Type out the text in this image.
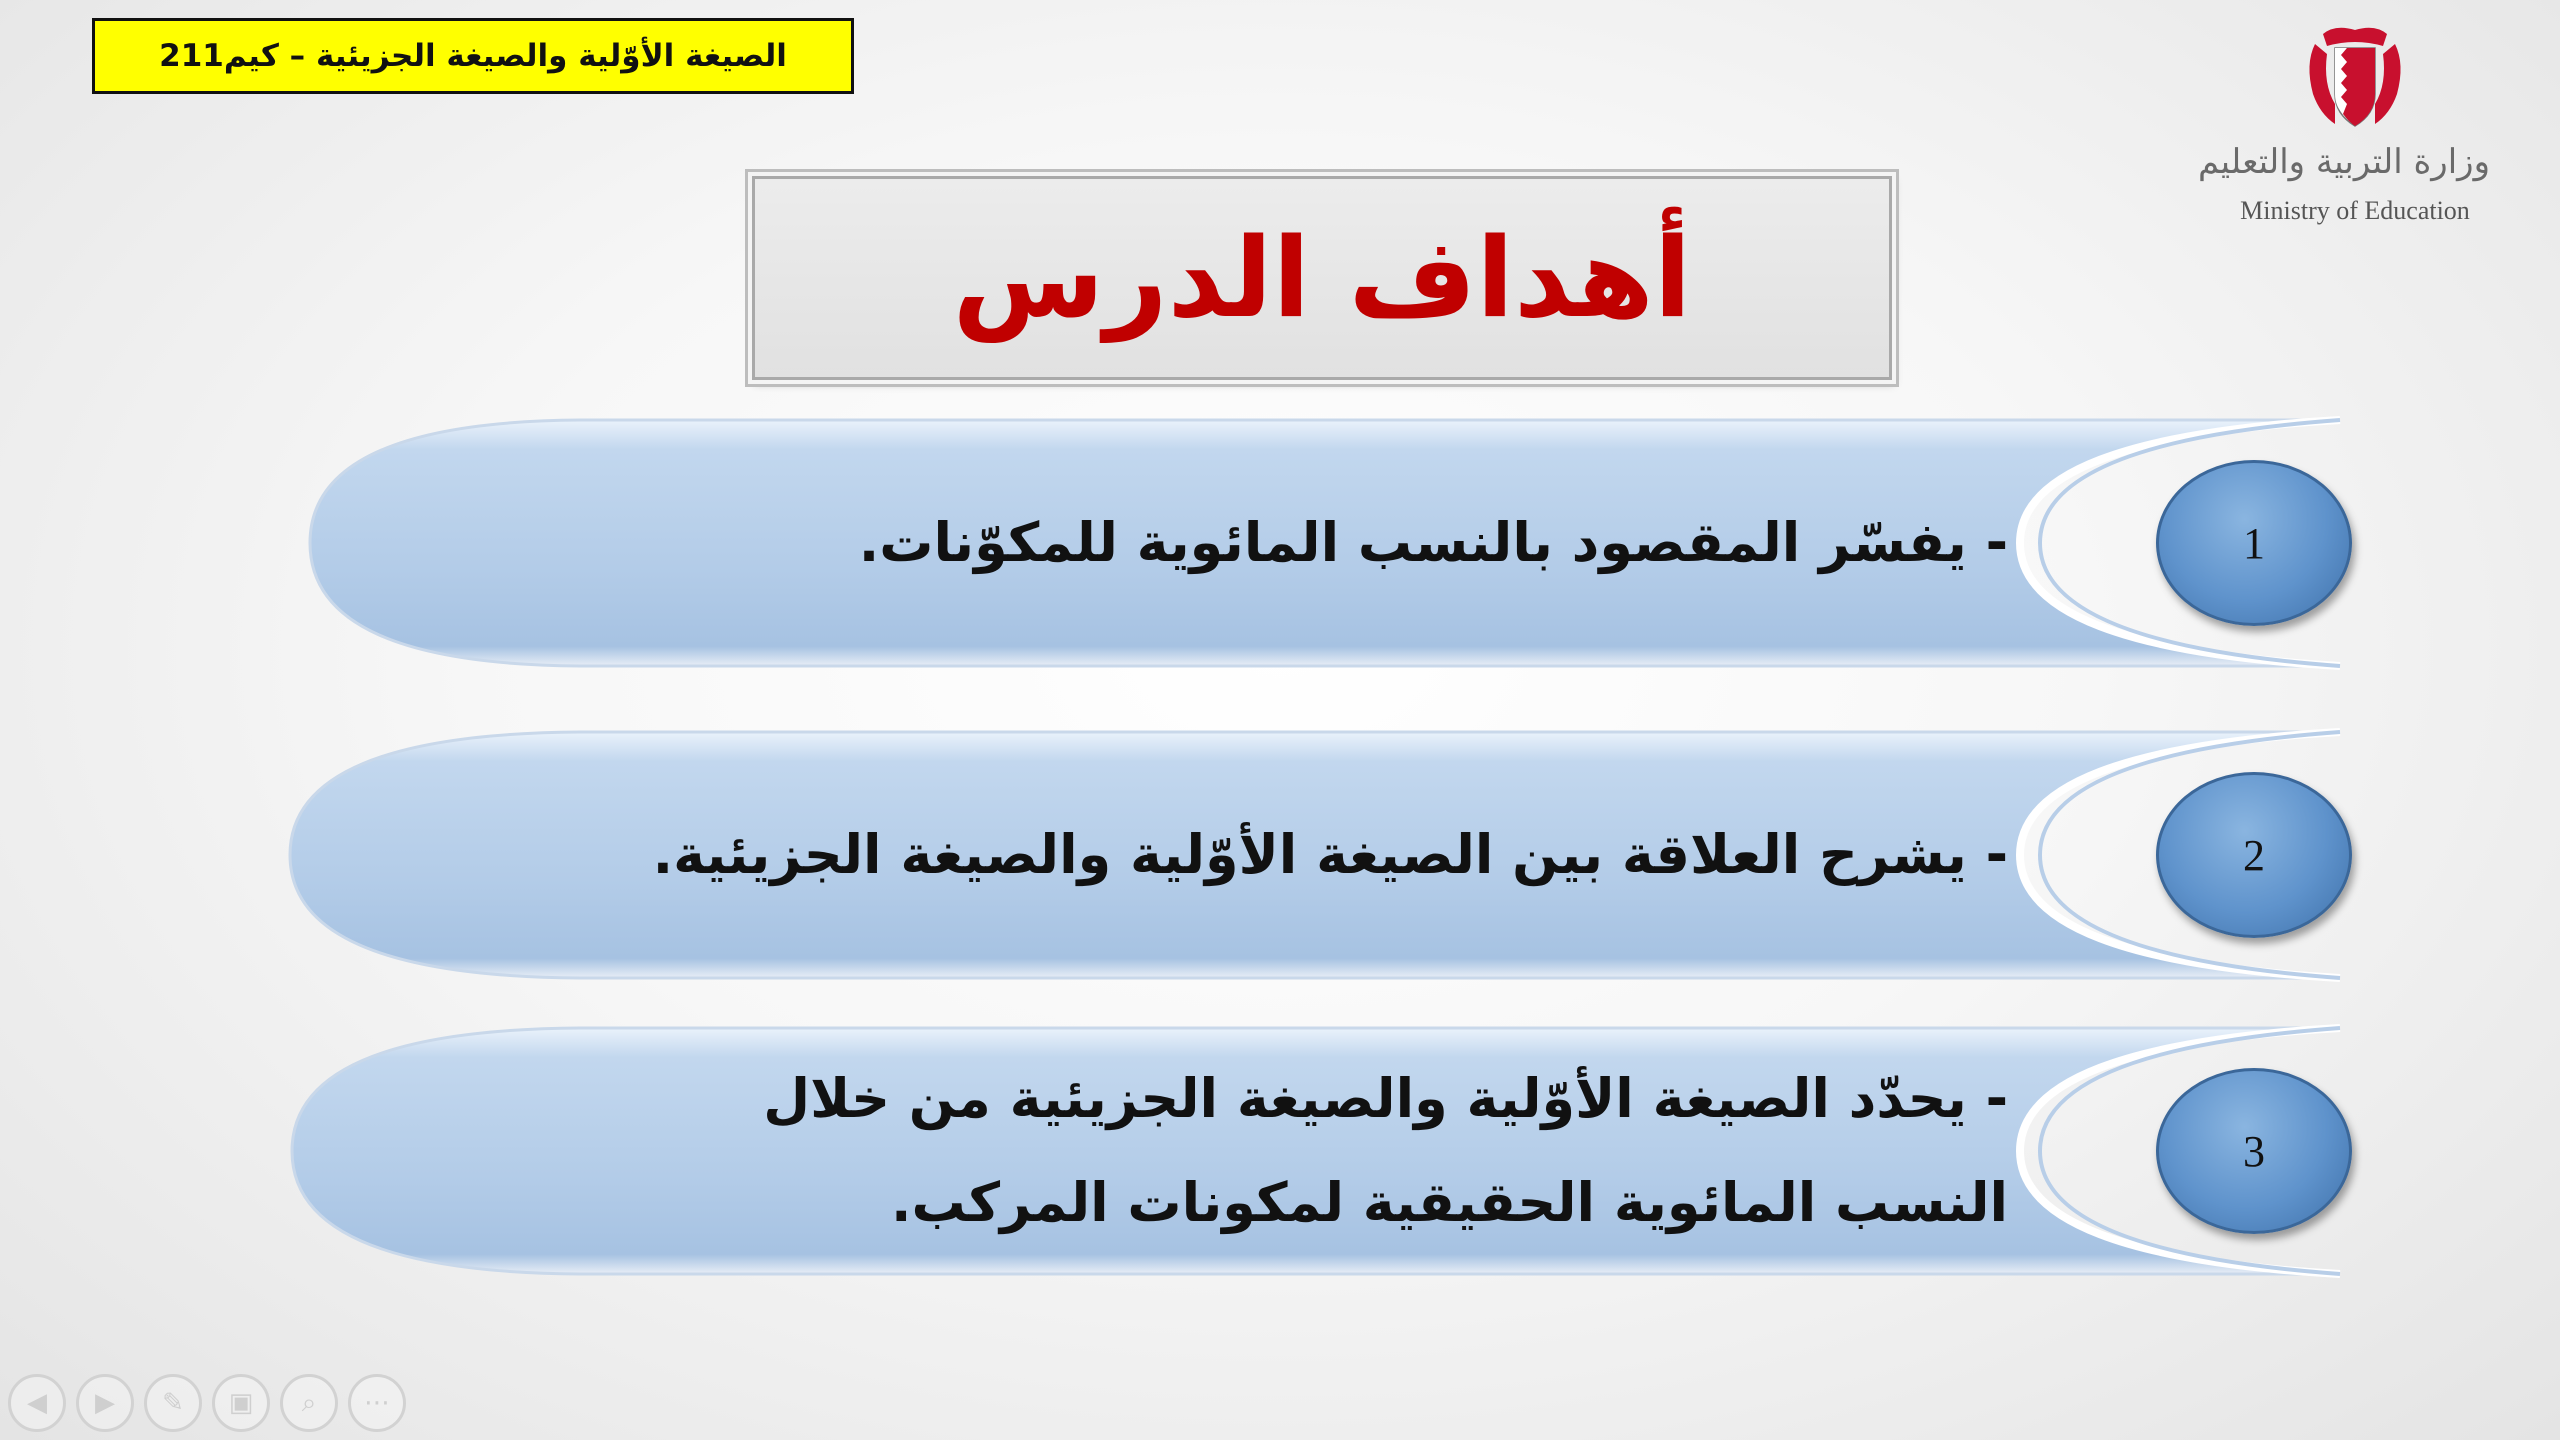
الصيغة الأوّلية والصيغة الجزيئية – كيم211
وزارة التربية والتعليم
Ministry of Education
أهداف الدرس
- يفسّر المقصود بالنسب المائوية للمكوّنات.	1
- يشرح العلاقة بين الصيغة الأوّلية والصيغة الجزيئية.	2
- يحدّد الصيغة الأوّلية والصيغة الجزيئية من خلال
النسب المائوية الحقيقية لمكونات المركب.
3
◀	▶	✎	▣	⌕	⋯
